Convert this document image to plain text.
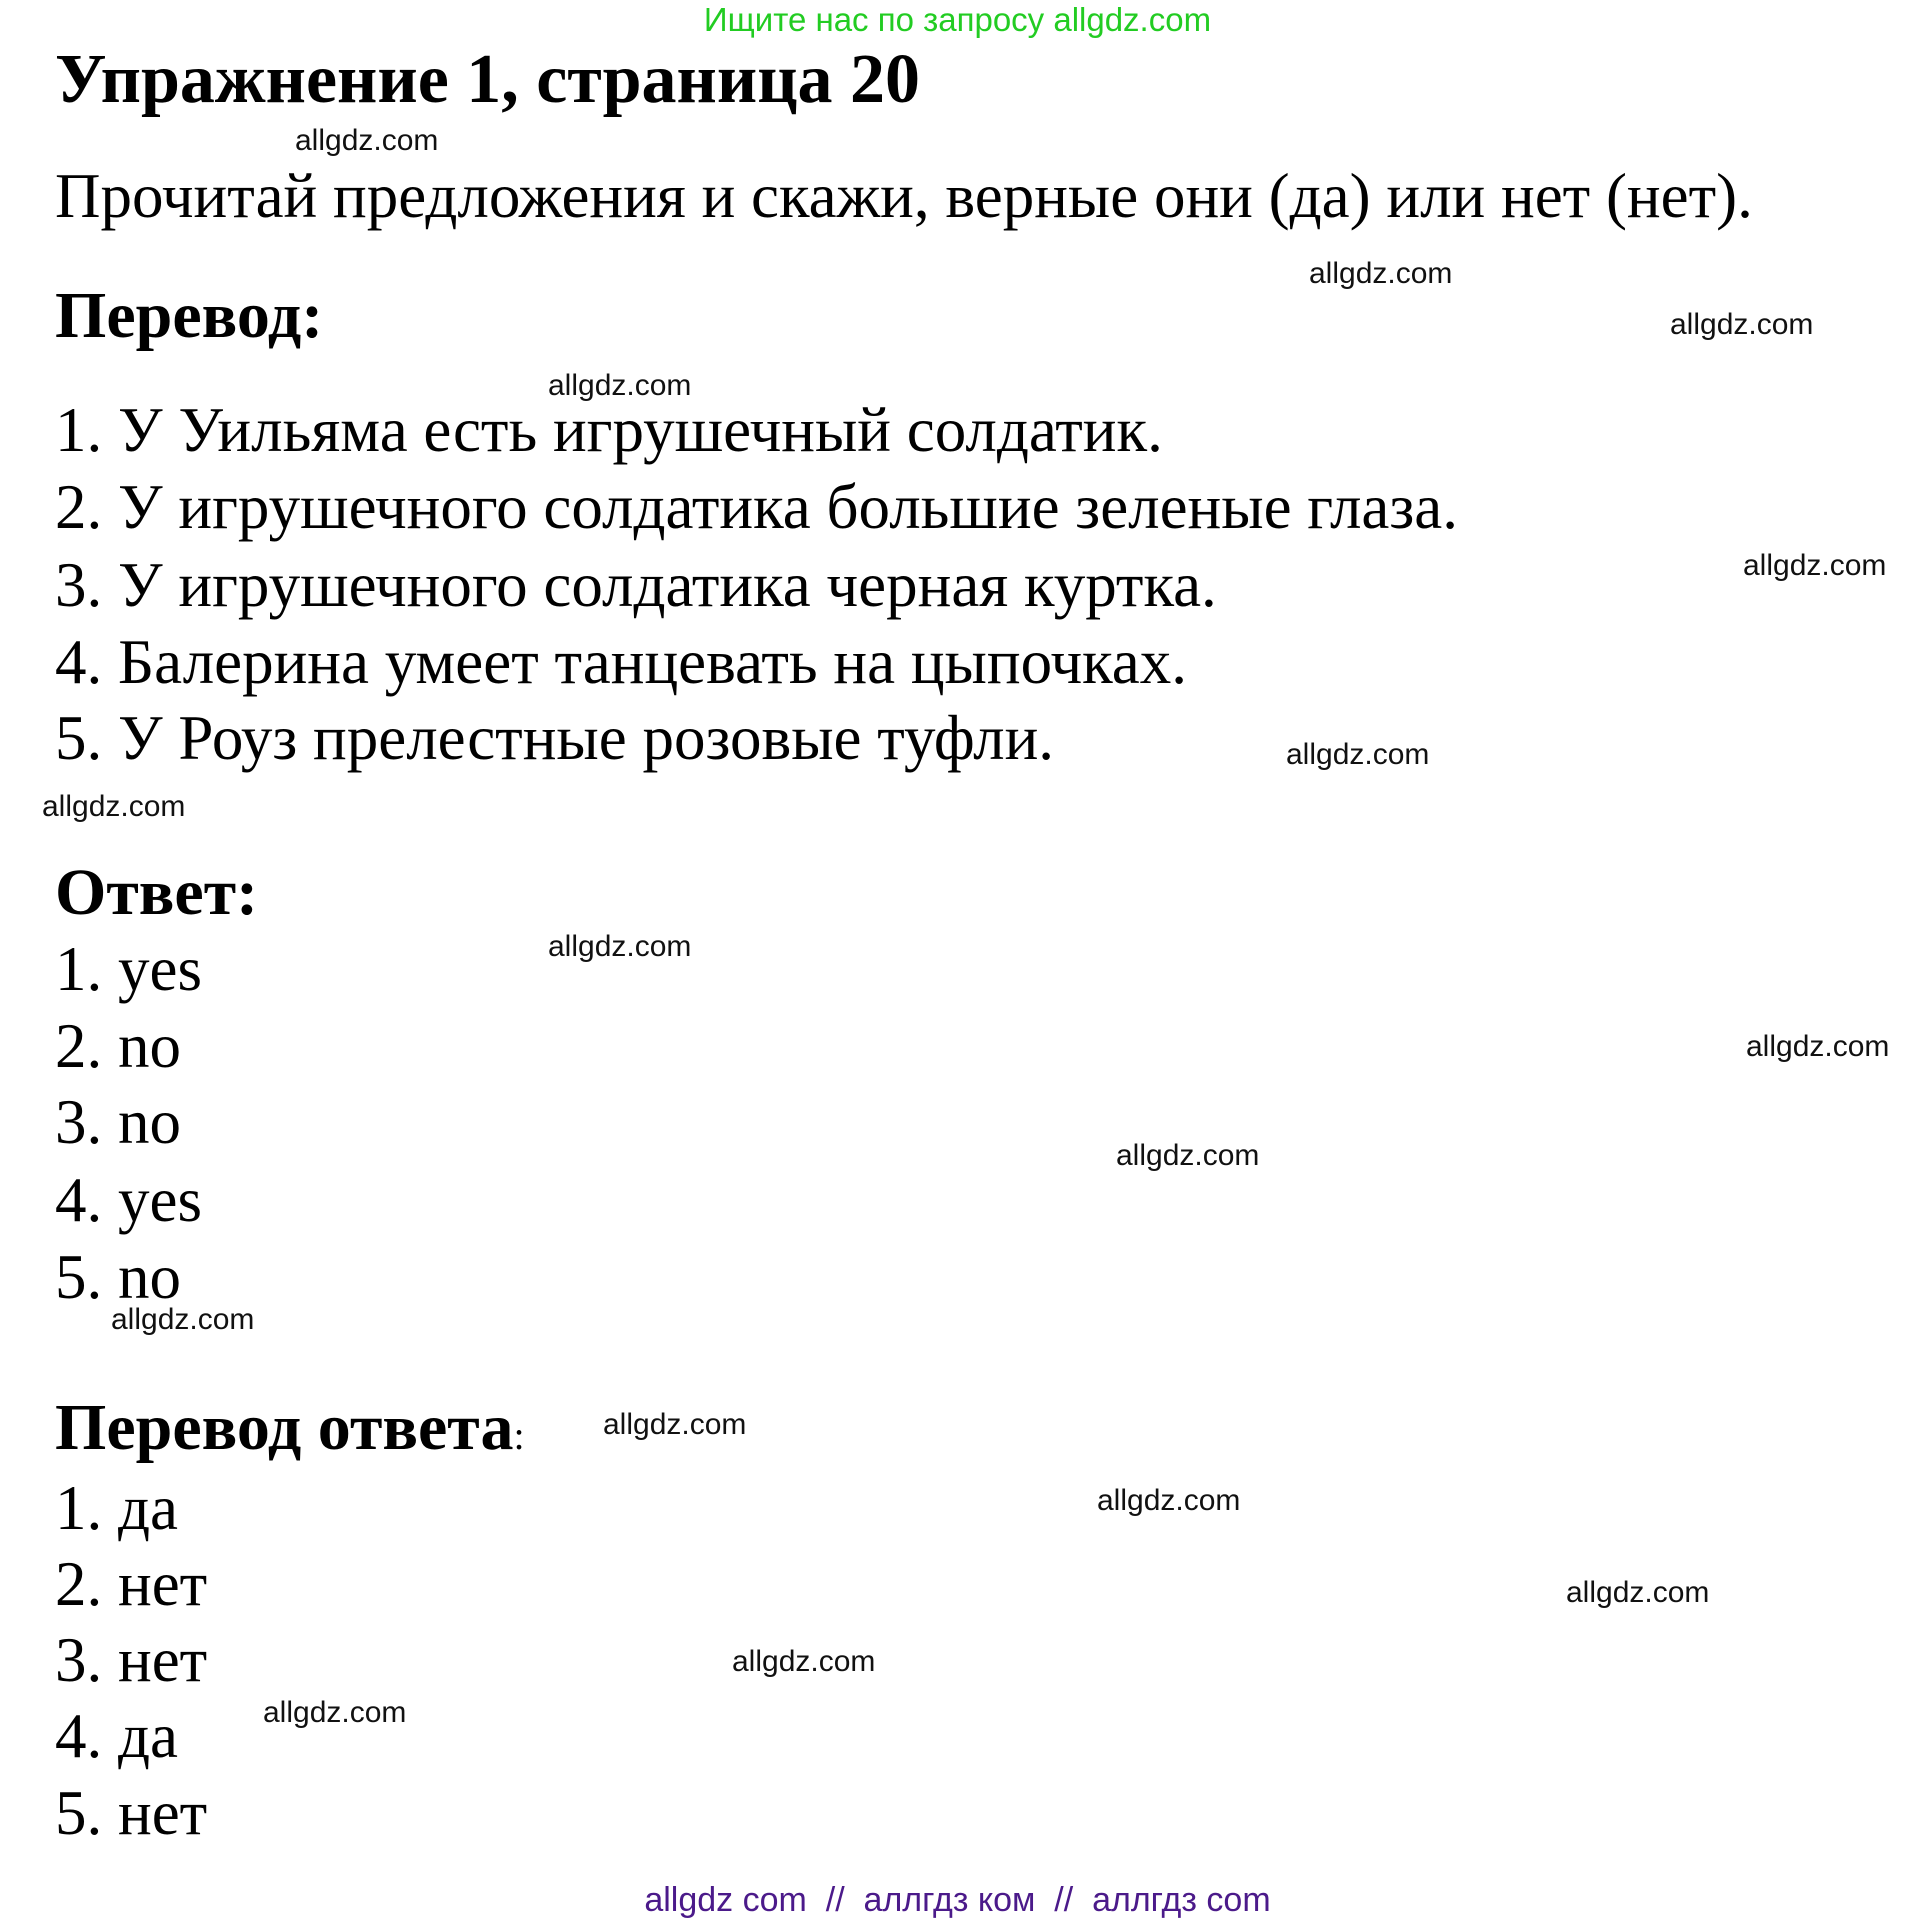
Ищите нас по запросу allgdz.com
Упражнение 1, страница 20
Прочитай предложения и скажи, верные они (да) или нет (нет).
Перевод:
1. У Уильяма есть игрушечный солдатик.
2. У игрушечного солдатика большие зеленые глаза.
3. У игрушечного солдатика черная куртка.
4. Балерина умеет танцевать на цыпочках.
5. У Роуз прелестные розовые туфли.
Ответ:
1. yes
2. no
3. no
4. yes
5. no
Перевод ответа:
1. да
2. нет
3. нет
4. да
5. нет
allgdz.com
allgdz.com
allgdz.com
allgdz.com
allgdz.com
allgdz.com
allgdz.com
allgdz.com
allgdz.com
allgdz.com
allgdz.com
allgdz.com
allgdz.com
allgdz.com
allgdz.com
allgdz.com
allgdz com  //  аллгдз ком  //  аллгдз com
